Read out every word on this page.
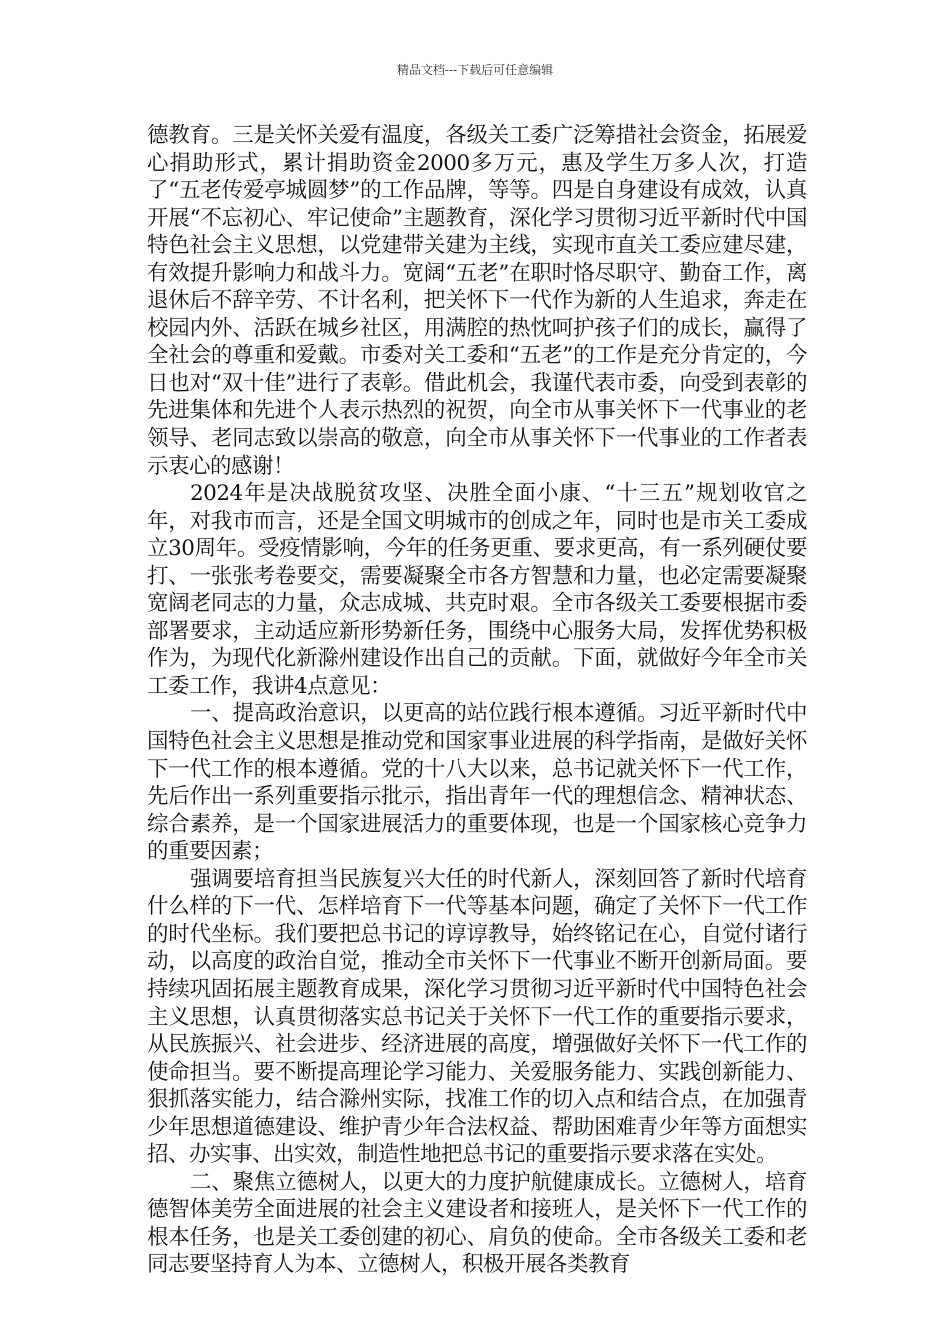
精品文档---下载后可任意编辑

德教育。三是关怀关爱有温度，各级关工委广泛筹措社会资金，拓展爱心捐助形式，累计捐助资金2000多万元，惠及学生万多人次，打造了“五老传爱亭城圆梦”的工作品牌，等等。四是自身建设有成效，认真开展“不忘初心、牢记使命”主题教育，深化学习贯彻习近平新时代中国特色社会主义思想，以党建带关建为主线，实现市直关工委应建尽建，有效提升影响力和战斗力。宽阔“五老”在职时恪尽职守、勤奋工作，离退休后不辞辛劳、不计名利，把关怀下一代作为新的人生追求，奔走在校园内外、活跃在城乡社区，用满腔的热忱呵护孩子们的成长，赢得了全社会的尊重和爱戴。市委对关工委和“五老”的工作是充分肯定的，今日也对“双十佳”进行了表彰。借此机会，我谨代表市委，向受到表彰的先进集体和先进个人表示热烈的祝贺，向全市从事关怀下一代事业的老领导、老同志致以崇高的敬意，向全市从事关怀下一代事业的工作者表示衷心的感谢！

2024年是决战脱贫攻坚、决胜全面小康、“十三五”规划收官之年，对我市而言，还是全国文明城市的创成之年，同时也是市关工委成立30周年。受疫情影响，今年的任务更重、要求更高，有一系列硬仗要打、一张张考卷要交，需要凝聚全市各方智慧和力量，也必定需要凝聚宽阔老同志的力量，众志成城、共克时艰。全市各级关工委要根据市委部署要求，主动适应新形势新任务，围绕中心服务大局，发挥优势积极作为，为现代化新滁州建设作出自己的贡献。下面，就做好今年全市关工委工作，我讲4点意见：

一、提高政治意识，以更高的站位践行根本遵循。习近平新时代中国特色社会主义思想是推动党和国家事业进展的科学指南，是做好关怀下一代工作的根本遵循。党的十八大以来，总书记就关怀下一代工作，先后作出一系列重要指示批示，指出青年一代的理想信念、精神状态、综合素养，是一个国家进展活力的重要体现，也是一个国家核心竞争力的重要因素；

强调要培育担当民族复兴大任的时代新人，深刻回答了新时代培育什么样的下一代、怎样培育下一代等基本问题，确定了关怀下一代工作的时代坐标。我们要把总书记的谆谆教导，始终铭记在心，自觉付诸行动，以高度的政治自觉，推动全市关怀下一代事业不断开创新局面。要持续巩固拓展主题教育成果，深化学习贯彻习近平新时代中国特色社会主义思想，认真贯彻落实总书记关于关怀下一代工作的重要指示要求，从民族振兴、社会进步、经济进展的高度，增强做好关怀下一代工作的使命担当。要不断提高理论学习能力、关爱服务能力、实践创新能力、狠抓落实能力，结合滁州实际，找准工作的切入点和结合点，在加强青少年思想道德建设、维护青少年合法权益、帮助困难青少年等方面想实招、办实事、出实效，制造性地把总书记的重要指示要求落在实处。

二、聚焦立德树人，以更大的力度护航健康成长。立德树人，培育德智体美劳全面进展的社会主义建设者和接班人，是关怀下一代工作的根本任务，也是关工委创建的初心、肩负的使命。全市各级关工委和老同志要坚持育人为本、立德树人，积极开展各类教育
